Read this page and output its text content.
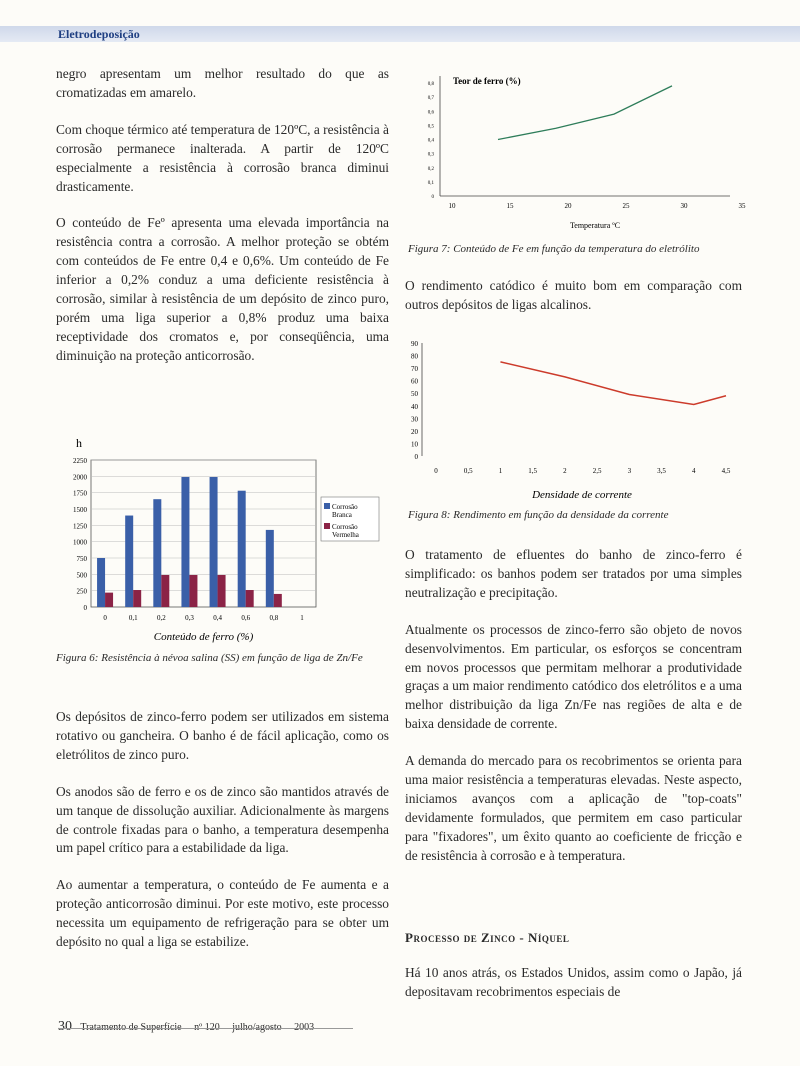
Eletrodeposição

negro apresentam um melhor resultado do que as cromatizadas em amarelo.

Com choque térmico até temperatura de 120ºC, a resistência à corrosão permanece inalterada. A partir de 120ºC especialmente a resistência à corrosão branca diminui drasticamente.

O conteúdo de Feº apresenta uma elevada importância na resistência contra a corrosão. A melhor proteção se obtém com conteúdos de Fe entre 0,4 e 0,6%. Um conteúdo de Fe inferior a 0,2% conduz a uma deficiente resistência à corrosão, similar à resistência de um depósito de zinco puro, porém uma liga superior a 0,8% produz uma baixa receptividade dos cromatos e, por conseqüência, uma diminuição na proteção anticorrosão.

h
0
250
500
750
1000
1250
1500
1750
2000
2250
0	0,1	0,2	0,3	0,4	0,6	0,8	1
Corrosão
Branca
Corrosão
Vermelha
Conteúdo de ferro (%)
Figura 6: Resistência à névoa salina (SS) em função de liga de Zn/Fe

Os depósitos de zinco-ferro podem ser utilizados em sistema rotativo ou gancheira. O banho é de fácil aplicação, como os eletrólitos de zinco puro.

Os anodos são de ferro e os de zinco são mantidos através de um tanque de dissolução auxiliar. Adicionalmente às margens de controle fixadas para o banho, a temperatura desempenha um papel crítico para a estabilidade da liga.

Ao aumentar a temperatura, o conteúdo de Fe aumenta e a proteção anticorrosão diminui. Por este motivo, este processo necessita um equipamento de refrigeração para se obter um depósito no qual a liga se estabilize.

0
0,1
0,2
0,3
0,4
0,5
0,6
0,7
0,8
10	15	20	25	30	35
Teor de ferro (%)
Temperatura ºC
Figura 7: Conteúdo de Fe em função da temperatura do eletrólito

O rendimento catódico é muito bom em comparação com outros depósitos de ligas alcalinos.

0
10
20
30
40
50
60
70
80
90
0	0,5	1	1,5	2	2,5	3	3,5	4	4,5
Densidade de corrente
Figura 8: Rendimento em função da densidade da corrente

O tratamento de efluentes do banho de zinco-ferro é simplificado: os banhos podem ser tratados por uma simples neutralização e precipitação.

Atualmente os processos de zinco-ferro são objeto de novos desenvolvimentos. Em particular, os esforços se concentram em novos processos que permitam melhorar a produtividade graças a um maior rendimento catódico dos eletrólitos e a uma melhor distribuição da liga Zn/Fe nas regiões de alta e de baixa densidade de corrente.

A demanda do mercado para os recobrimentos se orienta para uma maior resistência a temperaturas elevadas. Neste aspecto, iniciamos avanços com a aplicação de "top-coats" devidamente formulados, que permitem em caso particular para "fixadores", um êxito quanto ao coeficiente de fricção e de resistência à corrosão e à temperatura.

Processo de Zinco - Níquel

Há 10 anos atrás, os Estados Unidos, assim como o Japão, já depositavam recobrimentos especiais de

30 Tratamento de Superfície nº 120 julho/agosto 2003
